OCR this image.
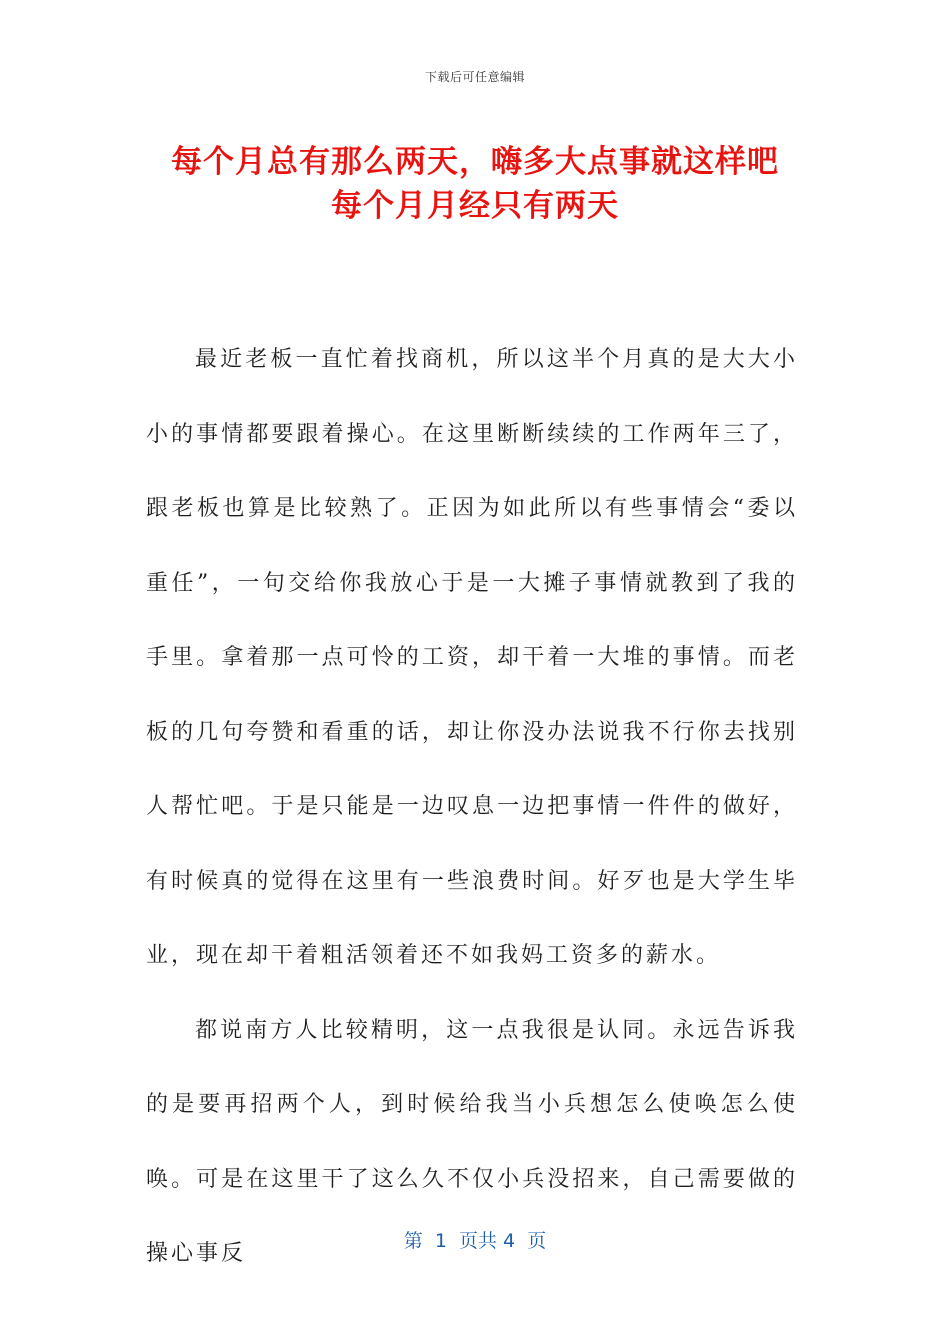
下载后可任意编辑
每个月总有那么两天，嗨多大点事就这样吧
每个月月经只有两天

最近老板一直忙着找商机，所以这半个月真的是大大小小的事情都要跟着操心。在这里断断续续的工作两年三了，跟老板也算是比较熟了。正因为如此所以有些事情会“委以重任”，一句交给你我放心于是一大摊子事情就教到了我的手里。拿着那一点可怜的工资，却干着一大堆的事情。而老板的几句夸赞和看重的话，却让你没办法说我不行你去找别人帮忙吧。于是只能是一边叹息一边把事情一件件的做好，有时候真的觉得在这里有一些浪费时间。好歹也是大学生毕业，现在却干着粗活领着还不如我妈工资多的薪水。

都说南方人比较精明，这一点我很是认同。永远告诉我的是要再招两个人，到时候给我当小兵想怎么使唤怎么使唤。可是在这里干了这么久不仅小兵没招来，自己需要做的操心事反	第  1  页共 4  页
